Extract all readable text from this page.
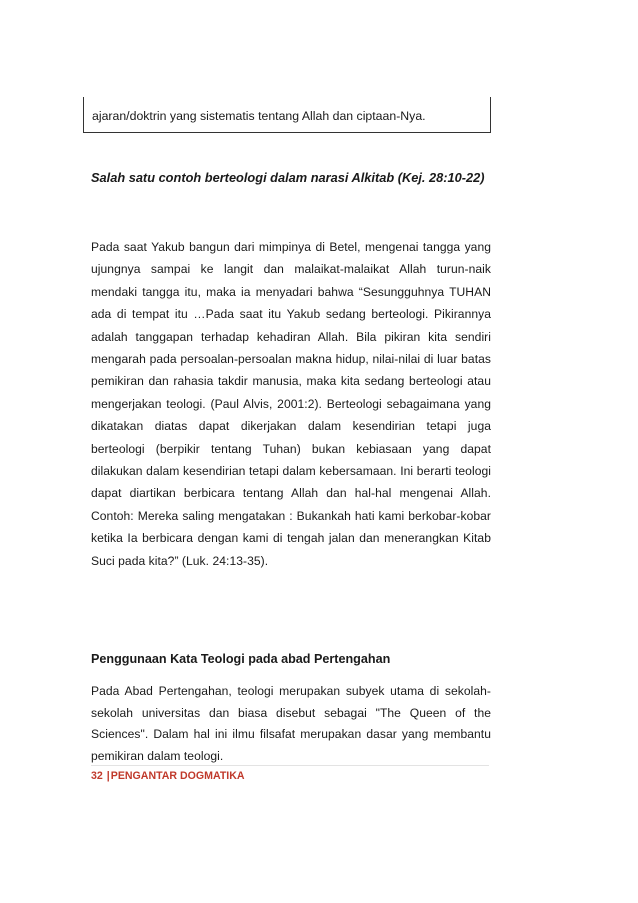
ajaran/doktrin yang sistematis tentang Allah dan ciptaan-Nya.
Salah satu contoh berteologi dalam narasi Alkitab (Kej. 28:10-22)
Pada saat Yakub bangun dari mimpinya di Betel, mengenai tangga yang ujungnya sampai ke langit dan malaikat-malaikat Allah turun-naik mendaki tangga itu, maka ia menyadari bahwa “Sesungguhnya TUHAN ada di tempat itu …Pada saat itu Yakub sedang berteologi. Pikirannya adalah tanggapan terhadap kehadiran Allah. Bila pikiran kita sendiri mengarah pada persoalan-persoalan makna hidup, nilai-nilai di luar batas pemikiran dan rahasia takdir manusia, maka kita sedang berteologi atau mengerjakan teologi. (Paul Alvis, 2001:2). Berteologi sebagaimana yang dikatakan diatas dapat dikerjakan dalam kesendirian tetapi juga berteologi (berpikir tentang Tuhan) bukan kebiasaan yang dapat dilakukan dalam kesendirian tetapi dalam kebersamaan. Ini berarti teologi dapat diartikan berbicara tentang Allah dan hal-hal mengenai Allah. Contoh: Mereka saling mengatakan : Bukankah hati kami berkobar-kobar ketika Ia berbicara dengan kami di tengah jalan dan menerangkan Kitab Suci pada kita?” (Luk. 24:13-35).
Penggunaan Kata Teologi pada abad Pertengahan
Pada Abad Pertengahan, teologi merupakan subyek utama di sekolah-sekolah universitas dan biasa disebut sebagai "The Queen of the Sciences". Dalam hal ini ilmu filsafat merupakan dasar yang membantu pemikiran dalam teologi.
32 |PENGANTAR DOGMATIKA
